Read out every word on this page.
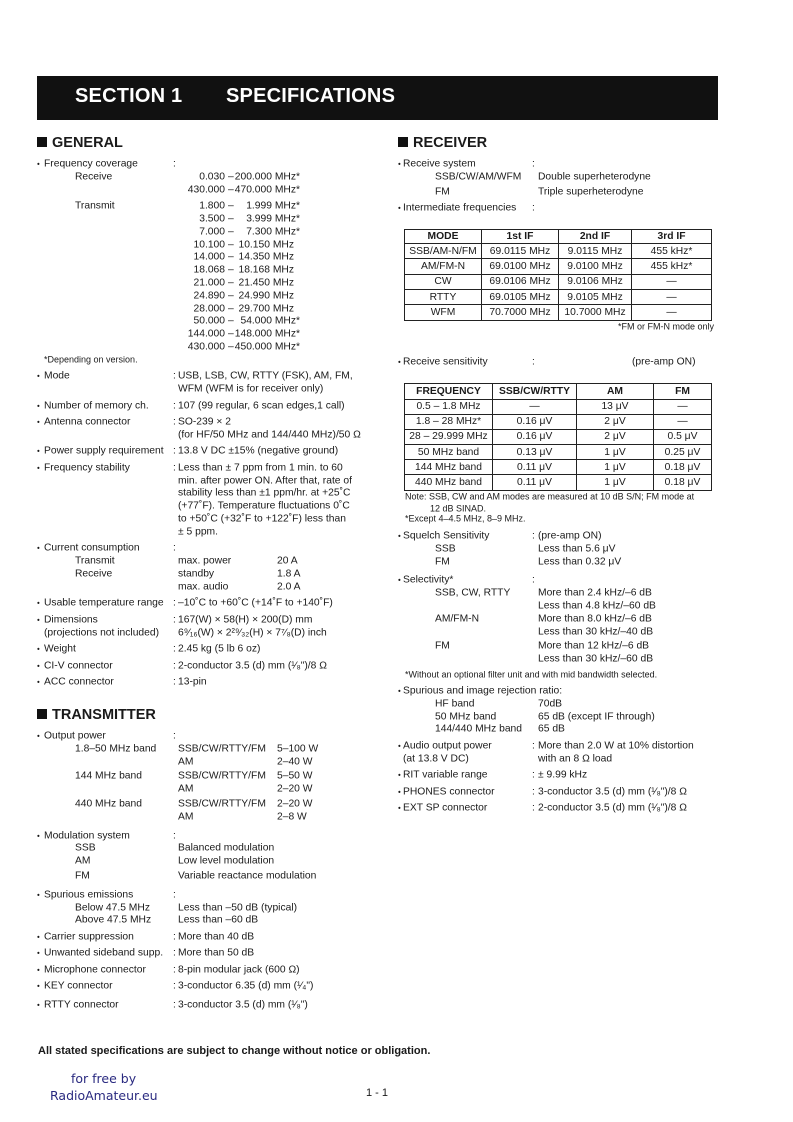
SECTION 1 SPECIFICATIONS
GENERAL
• Frequency coverage	:
Receive	0.030 – 200.000 MHz*
430.000 – 470.000 MHz*
Transmit	1.800 –	1.999 MHz*
3.500 –	3.999 MHz*
7.000 –	7.300 MHz*
10.100 – 10.150 MHz
14.000 – 14.350 MHz
18.068 – 18.168 MHz
21.000 – 21.450 MHz
24.890 – 24.990 MHz
28.000 – 29.700 MHz
50.000 – 54.000 MHz*
144.000 – 148.000 MHz*
430.000 – 450.000 MHz*
*Depending on version.
• Mode	: USB, LSB, CW, RTTY (FSK), AM, FM,
WFM (WFM is for receiver only)
• Number of memory ch. : 107 (99 regular, 6 scan edges,1 call)
• Antenna connector	: SO-239 × 2
(for HF/50 MHz and 144/440 MHz)/50 Ω
• Power supply requirement : 13.8 V DC ±15% (negative ground)
• Frequency stability	: Less than ± 7 ppm from 1 min. to 60
min. after power ON. After that, rate of
stability less than ±1 ppm/hr. at +25˚C
(+77˚F). Temperature fluctuations 0˚C
to +50˚C (+32˚F to +122˚F) less than
± 5 ppm.
• Current consumption	:
Transmit	max. power	20 A
Receive	standby	1.8 A
max. audio	2.0 A
• Usable temperature range : –10˚C to +60˚C (+14˚F to +140˚F)
• Dimensions	: 167(W) × 58(H) × 200(D) mm
(projections not included) 6⁹⁄₁₆(W) × 2²⁹⁄₃₂(H) × 7⁷⁄₈(D) inch
• Weight	: 2.45 kg (5 lb 6 oz)
• CI-V connector	: 2-conductor 3.5 (d) mm (¹⁄₈")/8 Ω
• ACC connector	: 13-pin
TRANSMITTER
• Output power	:
1.8–50 MHz band SSB/CW/RTTY/FM 5–100 W
AM	2–40 W
144 MHz band	SSB/CW/RTTY/FM 5–50 W
AM	2–20 W
440 MHz band	SSB/CW/RTTY/FM 2–20 W
AM	2–8 W
• Modulation system	:
SSB	Balanced modulation
AM	Low level modulation
FM	Variable reactance modulation
• Spurious emissions	:
Below 47.5 MHz	Less than –50 dB (typical)
Above 47.5 MHz	Less than –60 dB
• Carrier suppression	: More than 40 dB
• Unwanted sideband supp. : More than 50 dB
• Microphone connector	: 8-pin modular jack (600 Ω)
• KEY connector	: 3-conductor 6.35 (d) mm (¹⁄₄")
• RTTY connector	: 3-conductor 3.5 (d) mm (¹⁄₈")
RECEIVER
• Receive system	:
SSB/CW/AM/WFM Double superheterodyne
FM	Triple superheterodyne
• Intermediate frequencies :
MODE	1st IF	2nd IF	3rd IF
SSB/AM-N/FM	69.0115 MHz	9.0115 MHz	455 kHz*
AM/FM-N	69.0100 MHz	9.0100 MHz	455 kHz*
CW	69.0106 MHz	9.0106 MHz	—
RTTY	69.0105 MHz	9.0105 MHz	—
WFM	70.7000 MHz	10.7000 MHz	—
*FM or FM-N mode only
• Receive sensitivity	:	(pre-amp ON)
FREQUENCY	SSB/CW/RTTY	AM	FM
0.5 – 1.8 MHz	—	13 μV	—
1.8 – 28 MHz*	0.16 μV	2 μV	—
28 – 29.999 MHz	0.16 μV	2 μV	0.5 μV
50 MHz band	0.13 μV	1 μV	0.25 μV
144 MHz band	0.11 μV	1 μV	0.18 μV
440 MHz band	0.11 μV	1 μV	0.18 μV
Note: SSB, CW and AM modes are measured at 10 dB S/N; FM mode at
12 dB SINAD.
*Except 4–4.5 MHz, 8–9 MHz.
• Squelch Sensitivity	: (pre-amp ON)
SSB	Less than 5.6 μV
FM	Less than 0.32 μV
• Selectivity*	:
SSB, CW, RTTY	More than 2.4 kHz/–6 dB
Less than 4.8 kHz/–60 dB
AM/FM-N	More than 8.0 kHz/–6 dB
Less than 30 kHz/–40 dB
FM	More than 12 kHz/–6 dB
Less than 30 kHz/–60 dB
*Without an optional filter unit and with mid bandwidth selected.
• Spurious and image rejection ratio:
HF band	70dB
50 MHz band	65 dB (except IF through)
144/440 MHz band 65 dB
• Audio output power	: More than 2.0 W at 10% distortion
(at 13.8 V DC)	with an 8 Ω load
• RIT variable range	: ± 9.99 kHz
• PHONES connector	: 3-conductor 3.5 (d) mm (¹⁄₈")/8 Ω
• EXT SP connector	: 2-conductor 3.5 (d) mm (¹⁄₈")/8 Ω
All stated specifications are subject to change without notice or obligation.
for free by
RadioAmateur.eu	1 - 1
